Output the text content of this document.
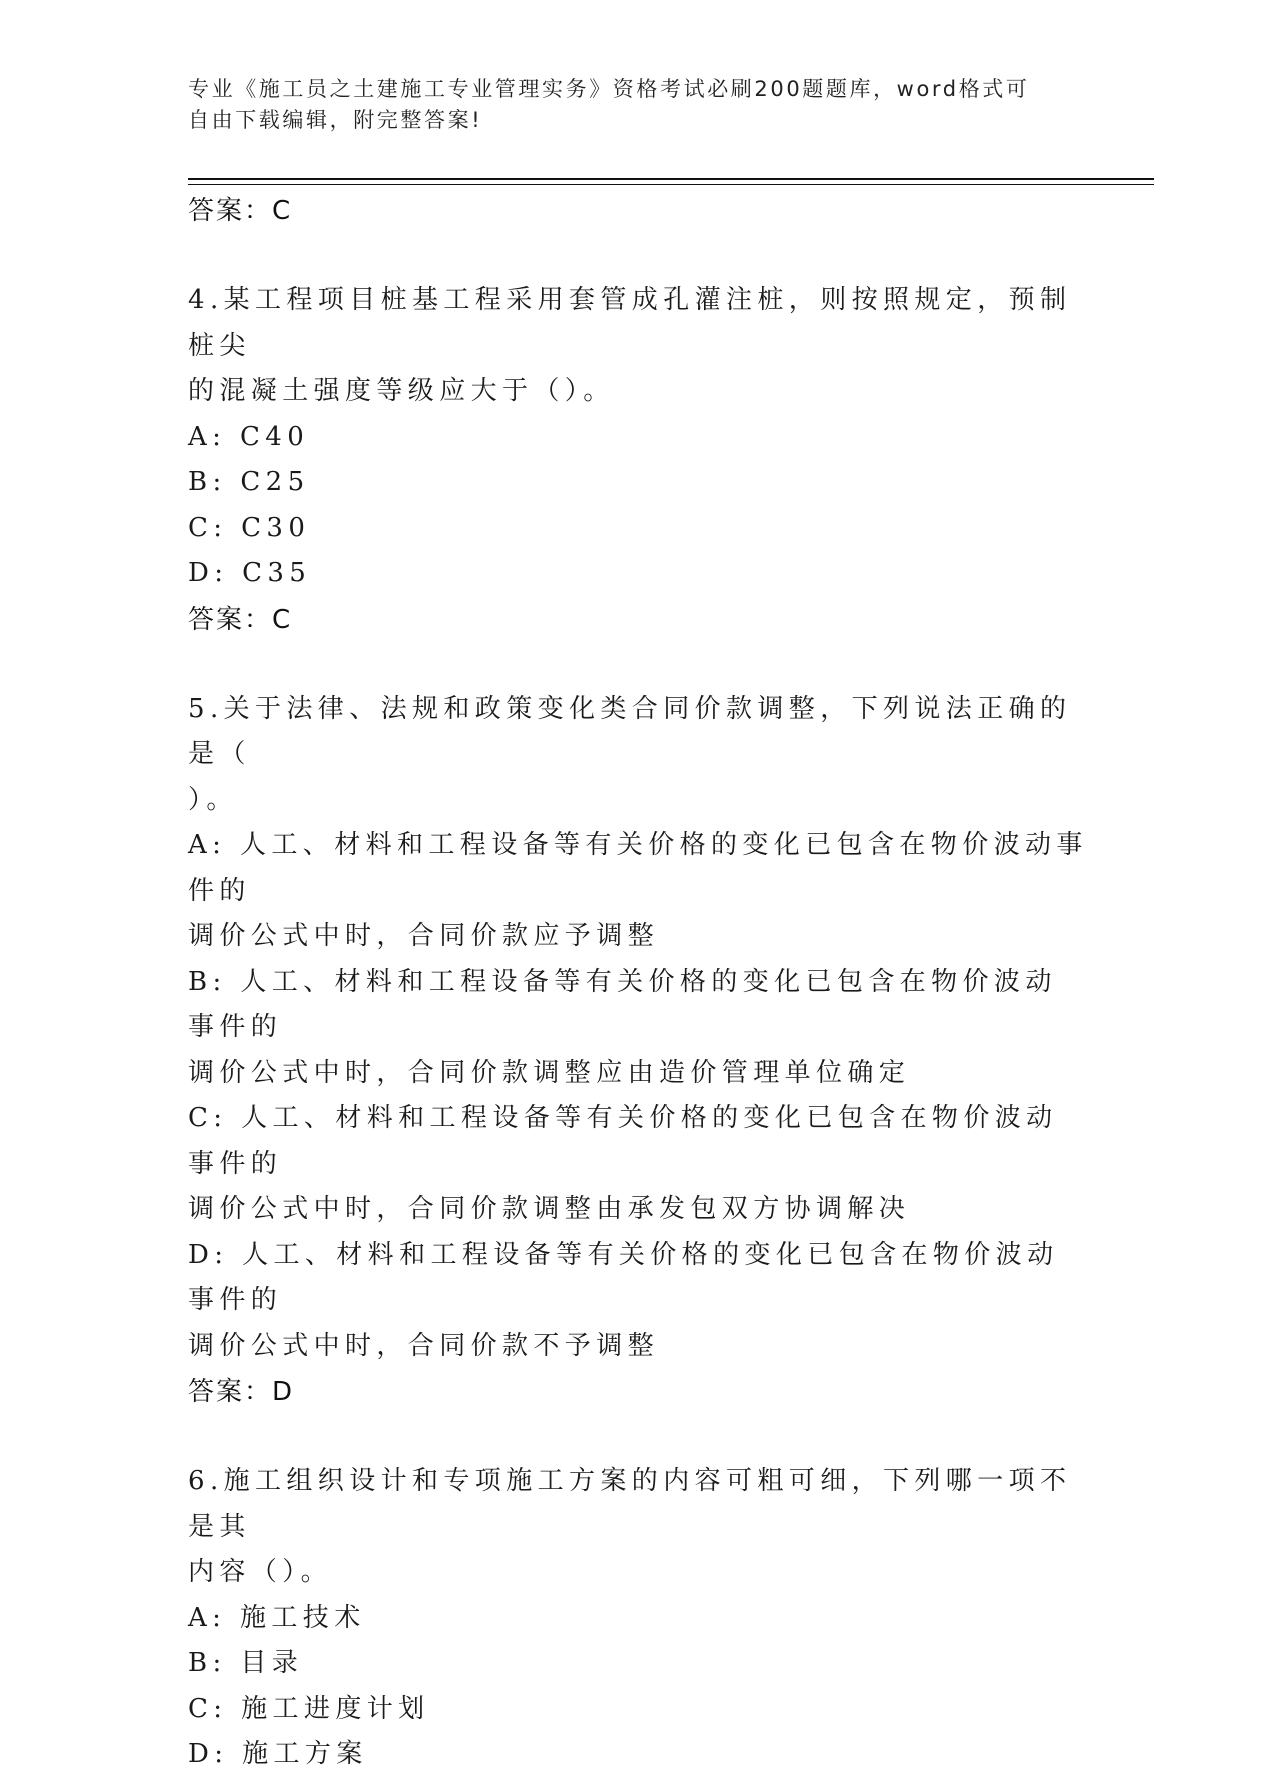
专业《施工员之土建施工专业管理实务》资格考试必刷200题题库，word格式可
自由下载编辑，附完整答案!

答案：C

4.某工程项目桩基工程采用套管成孔灌注桩，则按照规定，预制桩尖

的混凝土强度等级应大于（）。

A: C40

B: C25

C: C30

D: C35

答案：C

5.关于法律、法规和政策变化类合同价款调整，下列说法正确的是（

）。

A: 人工、材料和工程设备等有关价格的变化已包含在物价波动事件的

调价公式中时，合同价款应予调整

B: 人工、材料和工程设备等有关价格的变化已包含在物价波动事件的

调价公式中时，合同价款调整应由造价管理单位确定

C: 人工、材料和工程设备等有关价格的变化已包含在物价波动事件的

调价公式中时，合同价款调整由承发包双方协调解决

D: 人工、材料和工程设备等有关价格的变化已包含在物价波动事件的

调价公式中时，合同价款不予调整

答案：D

6.施工组织设计和专项施工方案的内容可粗可细，下列哪一项不是其

内容（）。

A: 施工技术

B: 目录

C: 施工进度计划

D: 施工方案
